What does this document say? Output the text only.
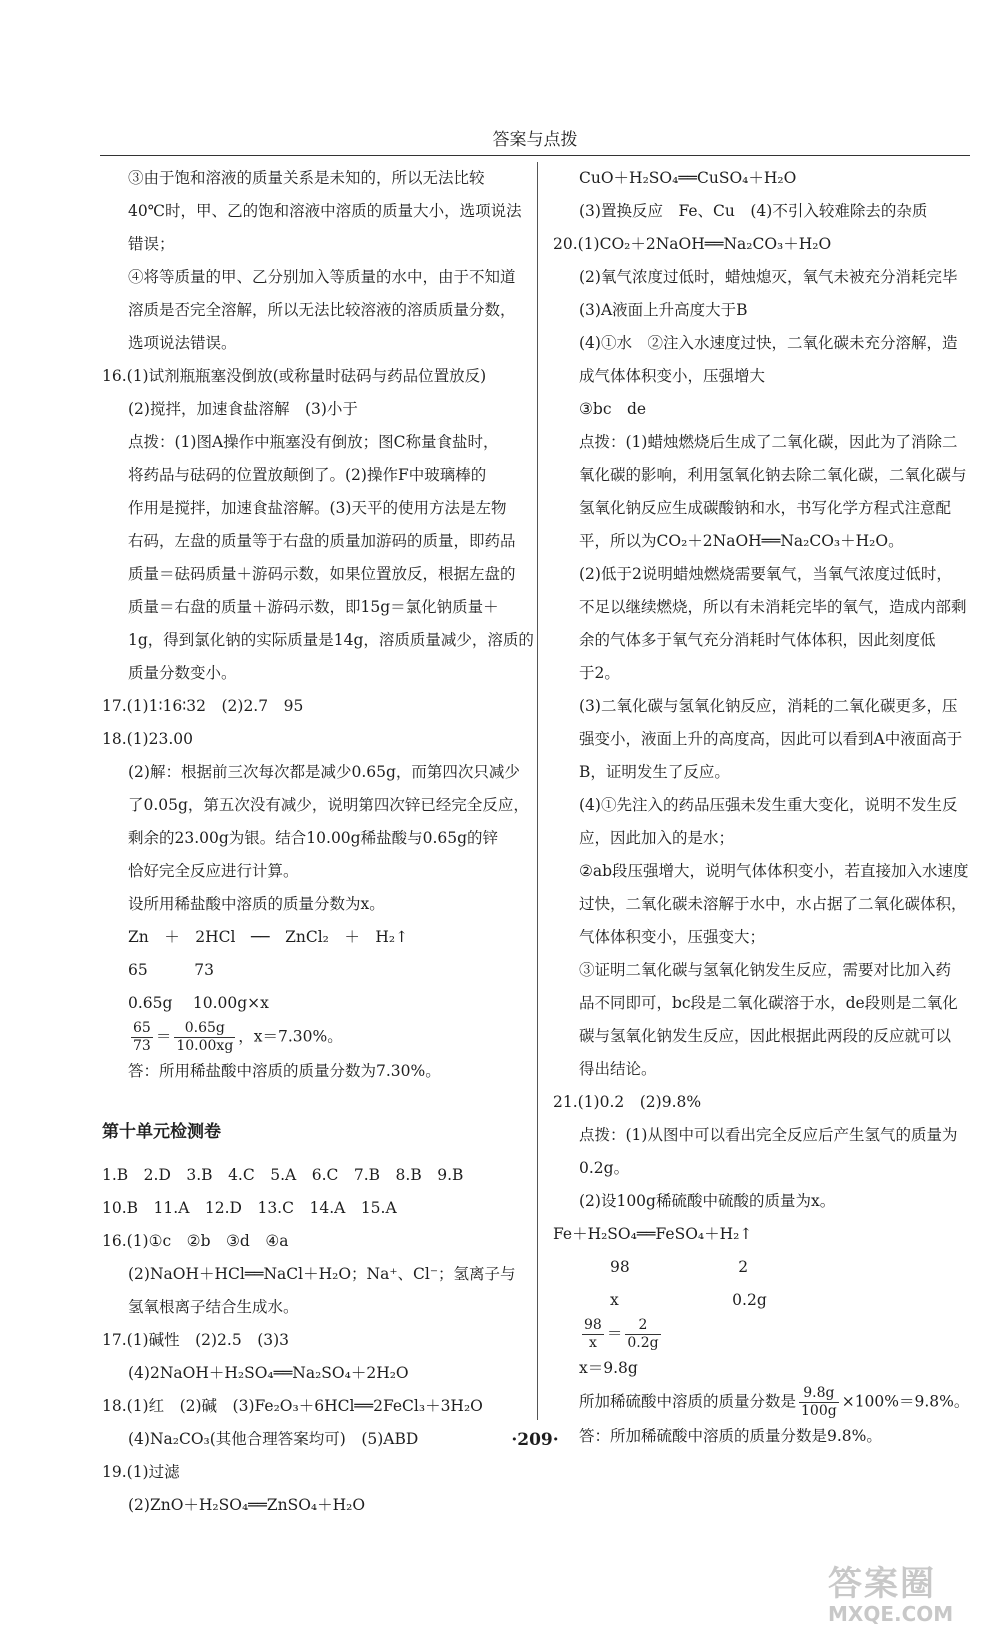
答案与点拨

③由于饱和溶液的质量关系是未知的，所以无法比较

40℃时，甲、乙的饱和溶液中溶质的质量大小，选项说法

错误；

④将等质量的甲、乙分别加入等质量的水中，由于不知道

溶质是否完全溶解，所以无法比较溶液的溶质质量分数，

选项说法错误。

16.(1)试剂瓶瓶塞没倒放(或称量时砝码与药品位置放反)

(2)搅拌，加速食盐溶解　(3)小于

点拨：(1)图A操作中瓶塞没有倒放；图C称量食盐时，

将药品与砝码的位置放颠倒了。(2)操作F中玻璃棒的

作用是搅拌，加速食盐溶解。(3)天平的使用方法是左物

右码，左盘的质量等于右盘的质量加游码的质量，即药品

质量＝砝码质量＋游码示数，如果位置放反，根据左盘的

质量＝右盘的质量＋游码示数，即15g＝氯化钠质量＋

1g，得到氯化钠的实际质量是14g，溶质质量减少，溶质的

质量分数变小。

17.(1)1∶16∶32　(2)2.7　95

18.(1)23.00

(2)解：根据前三次每次都是减少0.65g，而第四次只减少

了0.05g，第五次没有减少，说明第四次锌已经完全反应，

剩余的23.00g为银。结合10.00g稀盐酸与0.65g的锌

恰好完全反应进行计算。

设所用稀盐酸中溶质的质量分数为x。

Zn　＋　2HCl　──　ZnCl₂　＋　H₂↑

65　　　73

0.65g　 10.00g×x

$\frac{65}{73} = \frac{0.65g}{10.00xg}$ ，x＝7.30%。

答：所用稀盐酸中溶质的质量分数为7.30%。

第十单元检测卷

1.B　2.D　3.B　4.C　5.A　6.C　7.B　8.B　9.B

10.B　11.A　12.D　13.C　14.A　15.A

16.(1)①c　②b　③d　④a

(2)NaOH＋HCl══NaCl＋H₂O；Na⁺、Cl⁻；氢离子与

氢氧根离子结合生成水。

17.(1)碱性　(2)2.5　(3)3

(4)2NaOH＋H₂SO₄══Na₂SO₄＋2H₂O

18.(1)红　(2)碱　(3)Fe₂O₃＋6HCl══2FeCl₃＋3H₂O

(4)Na₂CO₃(其他合理答案均可)　(5)ABD

19.(1)过滤

(2)ZnO＋H₂SO₄══ZnSO₄＋H₂O

CuO＋H₂SO₄══CuSO₄＋H₂O

(3)置换反应　Fe、Cu　(4)不引入较难除去的杂质

20.(1)CO₂＋2NaOH══Na₂CO₃＋H₂O

(2)氧气浓度过低时，蜡烛熄灭，氧气未被充分消耗完毕

(3)A液面上升高度大于B

(4)①水　②注入水速度过快，二氧化碳未充分溶解，造

成气体体积变小，压强增大

③bc　de

点拨：(1)蜡烛燃烧后生成了二氧化碳，因此为了消除二

氧化碳的影响，利用氢氧化钠去除二氧化碳，二氧化碳与

氢氧化钠反应生成碳酸钠和水，书写化学方程式注意配

平，所以为CO₂＋2NaOH══Na₂CO₃＋H₂O。

(2)低于2说明蜡烛燃烧需要氧气，当氧气浓度过低时，

不足以继续燃烧，所以有未消耗完毕的氧气，造成内部剩

余的气体多于氧气充分消耗时气体体积，因此刻度低

于2。

(3)二氧化碳与氢氧化钠反应，消耗的二氧化碳更多，压

强变小，液面上升的高度高，因此可以看到A中液面高于

B，证明发生了反应。

(4)①先注入的药品压强未发生重大变化，说明不发生反

应，因此加入的是水；

②ab段压强增大，说明气体体积变小，若直接加入水速度

过快，二氧化碳未溶解于水中，水占据了二氧化碳体积，

气体体积变小，压强变大；

③证明二氧化碳与氢氧化钠发生反应，需要对比加入药

品不同即可，bc段是二氧化碳溶于水，de段则是二氧化

碳与氢氧化钠发生反应，因此根据此两段的反应就可以

得出结论。

21.(1)0.2　(2)9.8%

点拨：(1)从图中可以看出完全反应后产生氢气的质量为

0.2g。

(2)设100g稀硫酸中硫酸的质量为x。

Fe＋H₂SO₄══FeSO₄＋H₂↑

　　98　　　　　　　2

　　x　　　　　　　 0.2g

$\frac{98}{x} = \frac{2}{0.2g}$

x＝9.8g

所加稀硫酸中溶质的质量分数是 $\frac{9.8g}{100g} \times 100\%=9.8\%$。

答：所加稀硫酸中溶质的质量分数是9.8%。

·209·
答案圈
MXQE.COM
